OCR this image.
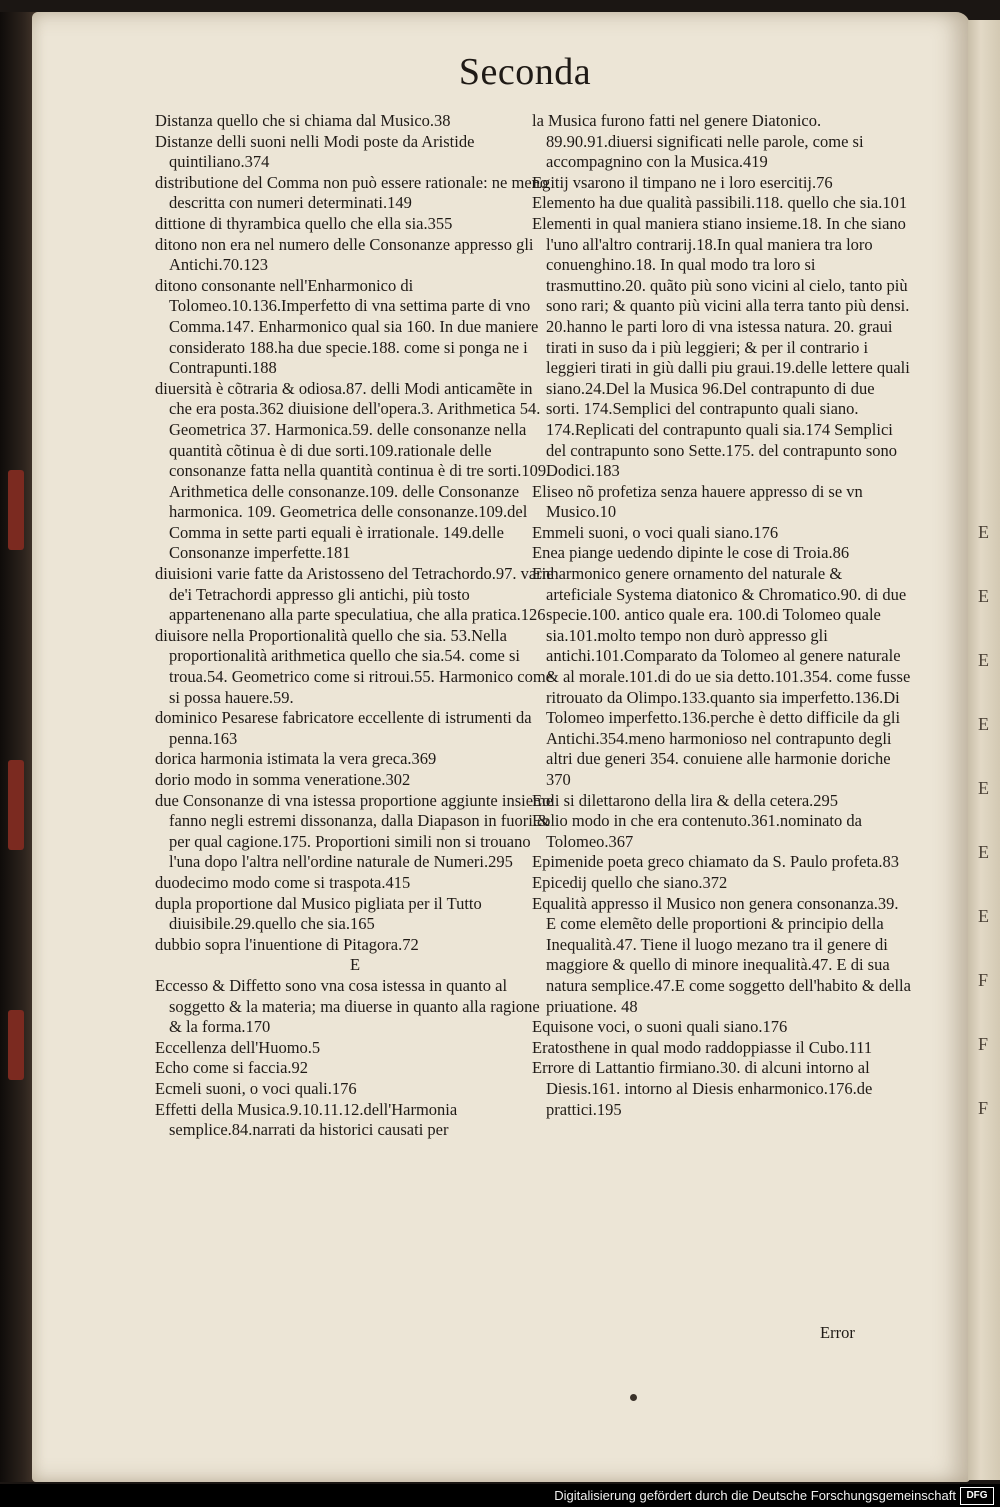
E
E
E
E
E
E
E
F
F
F
Seconda

Distanza quello che si chiama dal Musico.38

Distanze delli suoni nelli Modi poste da Aristide quintiliano.374

distributione del Comma non può essere rationale: ne meno descritta con numeri determinati.149

dittione di thyrambica quello che ella sia.355

ditono non era nel numero delle Consonanze appresso gli Antichi.70.123

ditono consonante nell'Enharmonico di Tolomeo.10.136.Imperfetto di vna settima parte di vno Comma.147. Enharmonico qual sia 160. In due maniere considerato 188.ha due specie.188. come si ponga ne i Contrapunti.188

diuersità è cõtraria & odiosa.87. delli Modi anticamẽte in che era posta.362 diuisione dell'opera.3. Arithmetica 54. Geometrica 37. Harmonica.59. delle consonanze nella quantità cõtinua è di due sorti.109.rationale delle consonanze fatta nella quantità continua è di tre sorti.109. Arithmetica delle consonanze.109. delle Consonanze harmonica. 109. Geometrica delle consonanze.109.del Comma in sette parti equali è irrationale. 149.delle Consonanze imperfette.181

diuisioni varie fatte da Aristosseno del Tetrachordo.97. varie de'i Tetrachordi appresso gli antichi, più tosto appartenenano alla parte speculatiua, che alla pratica.126

diuisore nella Proportionalità quello che sia. 53.Nella proportionalità arithmetica quello che sia.54. come si troua.54. Geometrico come si ritroui.55. Harmonico come si possa hauere.59.

dominico Pesarese fabricatore eccellente di istrumenti da penna.163

dorica harmonia istimata la vera greca.369

dorio modo in somma veneratione.302

due Consonanze di vna istessa proportione aggiunte insieme fanno negli estremi dissonanza, dalla Diapason in fuori.& per qual cagione.175. Proportioni simili non si trouano l'una dopo l'altra nell'ordine naturale de Numeri.295

duodecimo modo come si traspota.415

dupla proportione dal Musico pigliata per il Tutto diuisibile.29.quello che sia.165

dubbio sopra l'inuentione di Pitagora.72

E

Eccesso & Diffetto sono vna cosa istessa in quanto al soggetto & la materia; ma diuerse in quanto alla ragione & la forma.170

Eccellenza dell'Huomo.5

Echo come si faccia.92

Ecmeli suoni, o voci quali.176

Effetti della Musica.9.10.11.12.dell'Harmonia semplice.84.narrati da historici causati per

la Musica furono fatti nel genere Diatonico. 89.90.91.diuersi significati nelle parole, come si accompagnino con la Musica.419

Egitij vsarono il timpano ne i loro esercitij.76

Elemento ha due qualità passibili.118. quello che sia.101

Elementi in qual maniera stiano insieme.18. In che siano l'uno all'altro contrarij.18.In qual maniera tra loro conuenghino.18. In qual modo tra loro si trasmuttino.20. quãto più sono vicini al cielo, tanto più sono rari; & quanto più vicini alla terra tanto più densi. 20.hanno le parti loro di vna istessa natura. 20. graui tirati in suso da i più leggieri; & per il contrario i leggieri tirati in giù dalli piu graui.19.delle lettere quali siano.24.Del la Musica 96.Del contrapunto di due sorti. 174.Semplici del contrapunto quali siano. 174.Replicati del contrapunto quali sia.174 Semplici del contrapunto sono Sette.175. del contrapunto sono Dodici.183

Eliseo nõ profetiza senza hauere appresso di se vn Musico.10

Emmeli suoni, o voci quali siano.176

Enea piange uedendo dipinte le cose di Troia.86

Enharmonico genere ornamento del naturale & arteficiale Systema diatonico & Chromatico.90. di due specie.100. antico quale era. 100.di Tolomeo quale sia.101.molto tempo non durò appresso gli antichi.101.Comparato da Tolomeo al genere naturale & al morale.101.di do ue sia detto.101.354. come fusse ritrouato da Olimpo.133.quanto sia imperfetto.136.Di Tolomeo imperfetto.136.perche è detto difficile da gli Antichi.354.meno harmonioso nel contrapunto degli altri due generi 354. conuiene alle harmonie doriche 370

Eoli si dilettarono della lira & della cetera.295

Eolio modo in che era contenuto.361.nominato da Tolomeo.367

Epimenide poeta greco chiamato da S. Paulo profeta.83

Epicedij quello che siano.372

Equalità appresso il Musico non genera consonanza.39. E come elemẽto delle proportioni & principio della Inequalità.47. Tiene il luogo mezano tra il genere di maggiore & quello di minore inequalità.47. E di sua natura semplice.47.E come soggetto dell'habito & della priuatione. 48

Equisone voci, o suoni quali siano.176

Eratosthene in qual modo raddoppiasse il Cubo.111

Errore di Lattantio firmiano.30. di alcuni intorno al Diesis.161. intorno al Diesis enharmonico.176.de prattici.195

Error
Digitalisierung gefördert durch die Deutsche Forschungsgemeinschaft	DFG
